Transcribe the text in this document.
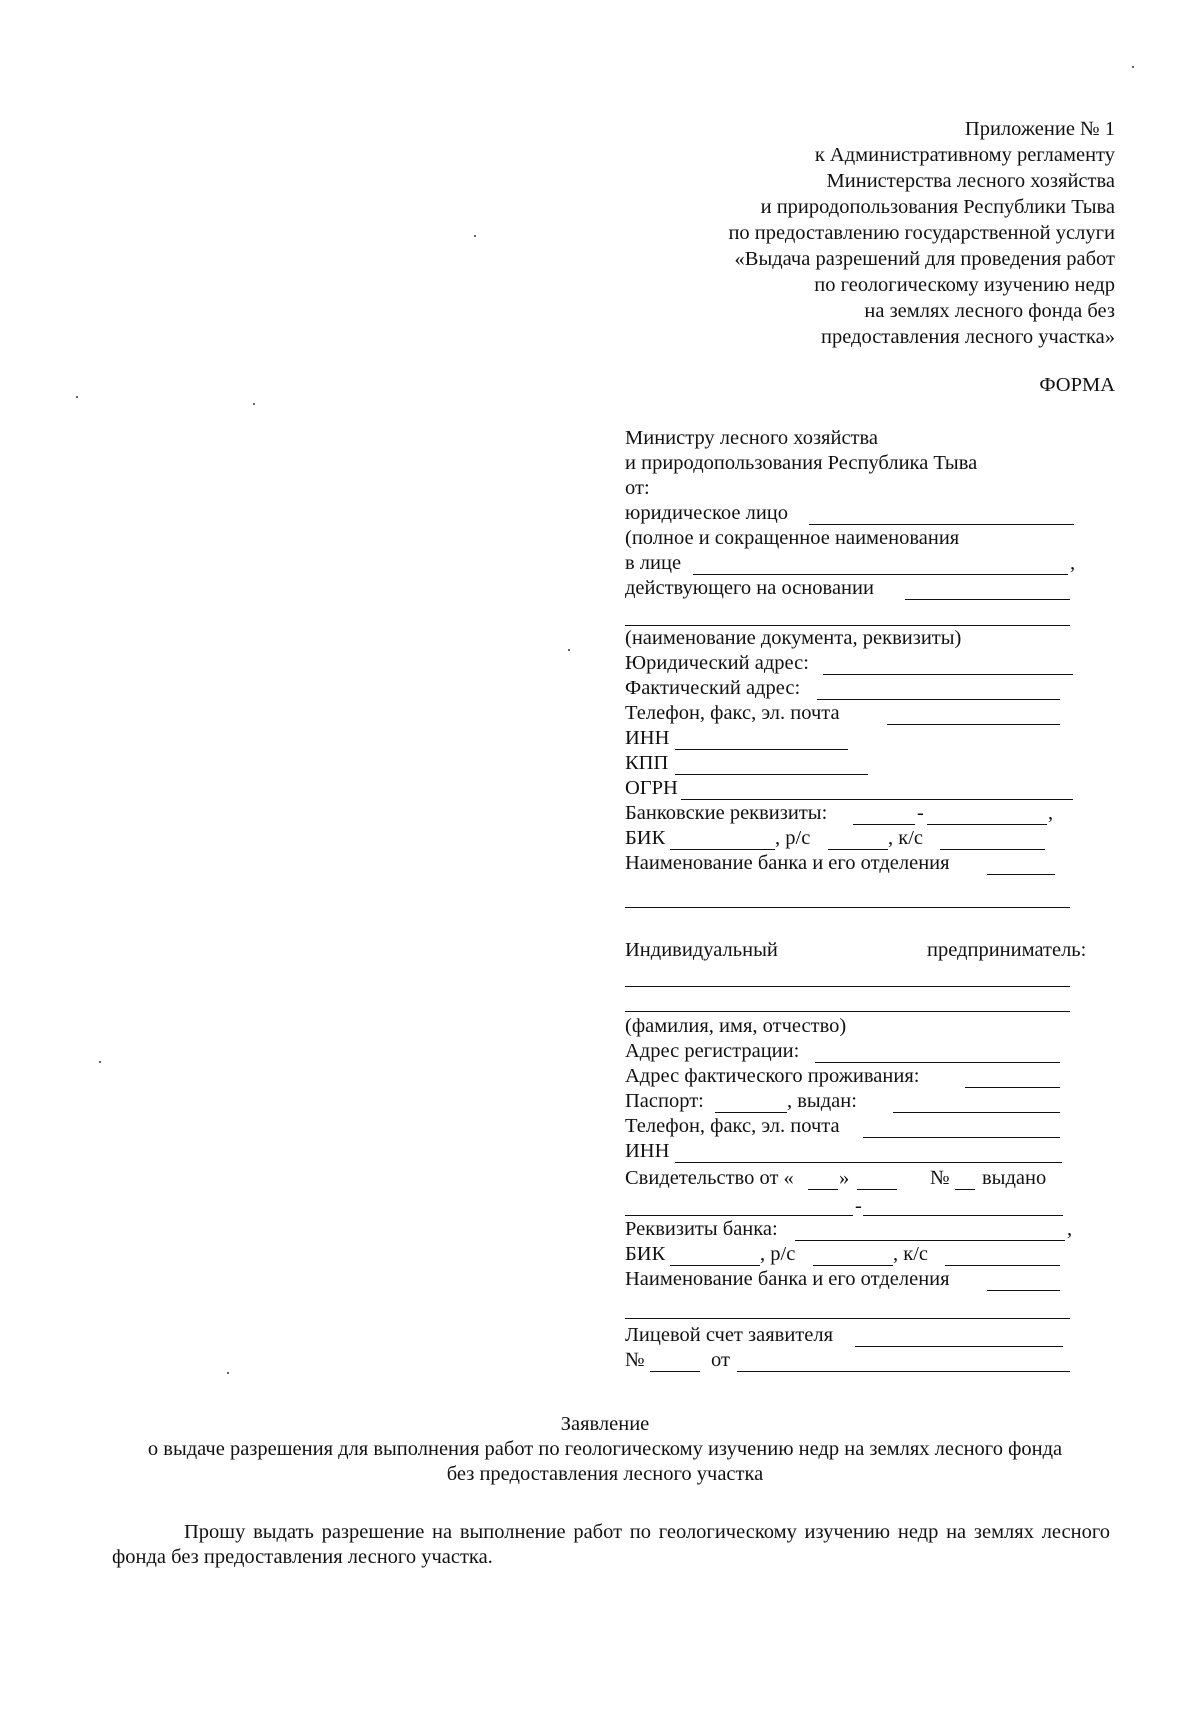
Приложение № 1
к Административному регламенту
Министерства лесного хозяйства
и природопользования Республики Тыва
по предоставлению государственной услуги
«Выдача разрешений для проведения работ
по геологическому изучению недр
на землях лесного фонда без
предоставления лесного участка»
ФОРМА
Министру лесного хозяйства
и природопользования Республика Тыва
от:
юридическое лицо
(полное и сокращенное наименования
в лице	,
действующего на основании
(наименование документа, реквизиты)
Юридический адрес:
Фактический адрес:
Телефон, факс, эл. почта
ИНН
КПП
ОГРН
Банковские реквизиты:	-	,
БИК	, р/с	, к/с
Наименование банка и его отделения
Индивидуальный	предприниматель:
(фамилия, имя, отчество)
Адрес регистрации:
Адрес фактического проживания:
Паспорт:	, выдан:
Телефон, факс, эл. почта
ИНН
Свидетельство от « »	№ выдано
-
Реквизиты банка:	,
БИК	, р/с	, к/с
Наименование банка и его отделения
Лицевой счет заявителя
№	от
Заявление
о выдаче разрешения для выполнения работ по геологическому изучению недр на землях лесного фонда
без предоставления лесного участка
Прошу выдать разрешение на выполнение работ по геологическому изучению недр на землях лесного фонда без предоставления лесного участка.
